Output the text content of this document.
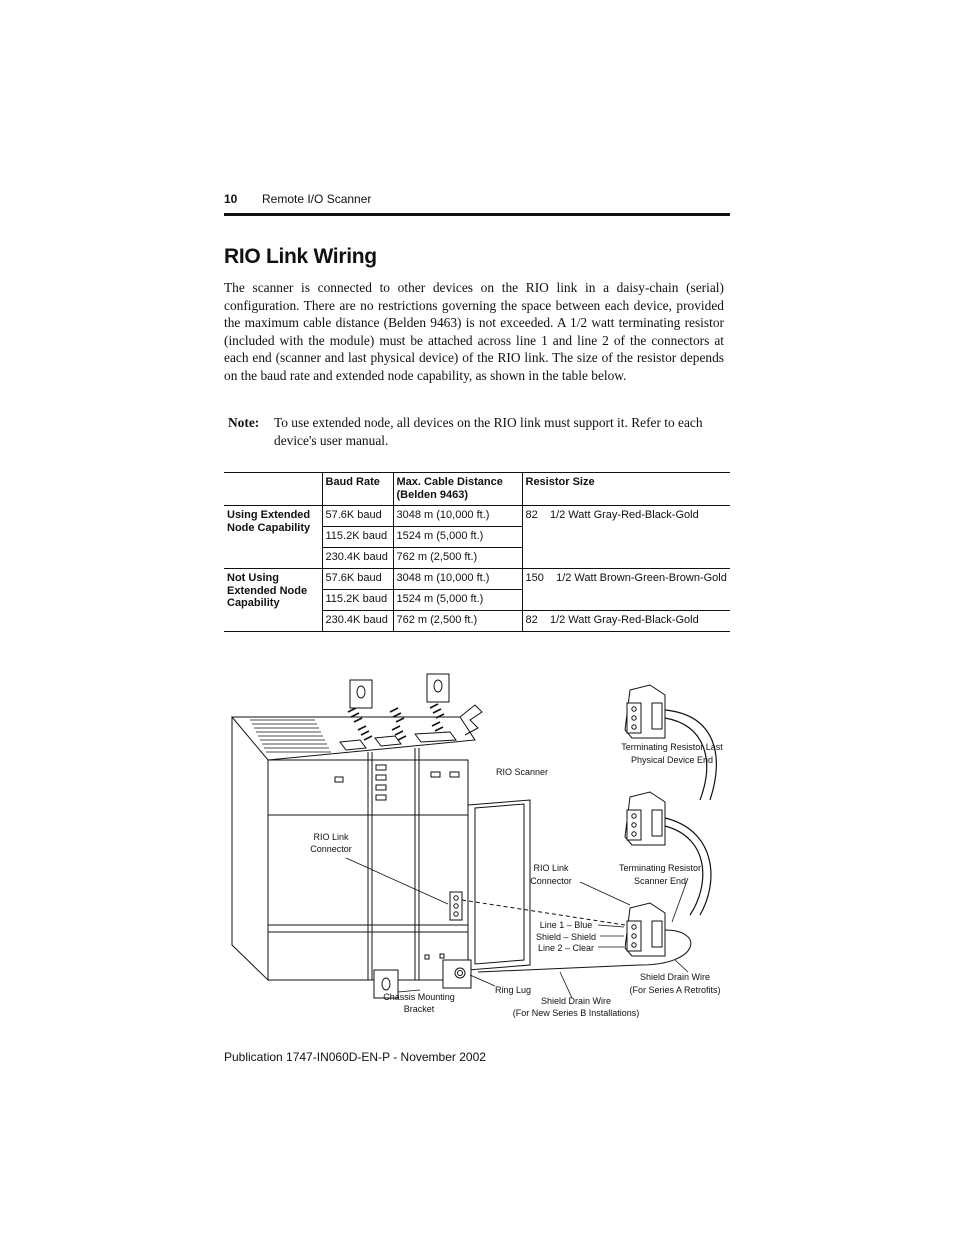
10 Remote I/O Scanner
RIO Link Wiring

The scanner is connected to other devices on the RIO link in a daisy-chain (serial) configuration. There are no restrictions governing the space between each device, provided the maximum cable distance (Belden 9463) is not exceeded. A 1/2 watt terminating resistor (included with the module) must be attached across line 1 and line 2 of the connectors at each end (scanner and last physical device) of the RIO link. The size of the resistor depends on the baud rate and extended node capability, as shown in the table below.

Note: To use extended node, all devices on the RIO link must support it. Refer to each device's user manual.
	Baud Rate	Max. Cable Distance (Belden 9463)	Resistor Size
Using Extended Node Capability	57.6K baud	3048 m (10,000 ft.)	82    1/2 Watt Gray-Red-Black-Gold
	115.2K baud	1524 m (5,000 ft.)	
	230.4K baud	762 m (2,500 ft.)	
Not Using Extended Node Capability	57.6K baud	3048 m (10,000 ft.)	150    1/2 Watt Brown-Green-Brown-Gold
	115.2K baud	1524 m (5,000 ft.)	
	230.4K baud	762 m (2,500 ft.)	82    1/2 Watt Gray-Red-Black-Gold
Terminating Resistor Last
Physical Device End
RIO Scanner
RIO Link
Connector
RIO Link
Connector
Terminating Resistor
Scanner End
Line 1 – Blue
Shield – Shield
Line 2 – Clear
Shield Drain Wire
(For Series A Retrofits)
Ring Lug
Shield Drain Wire
(For New Series B Installations)
Chassis Mounting
Bracket
Publication 1747-IN060D-EN-P - November 2002
